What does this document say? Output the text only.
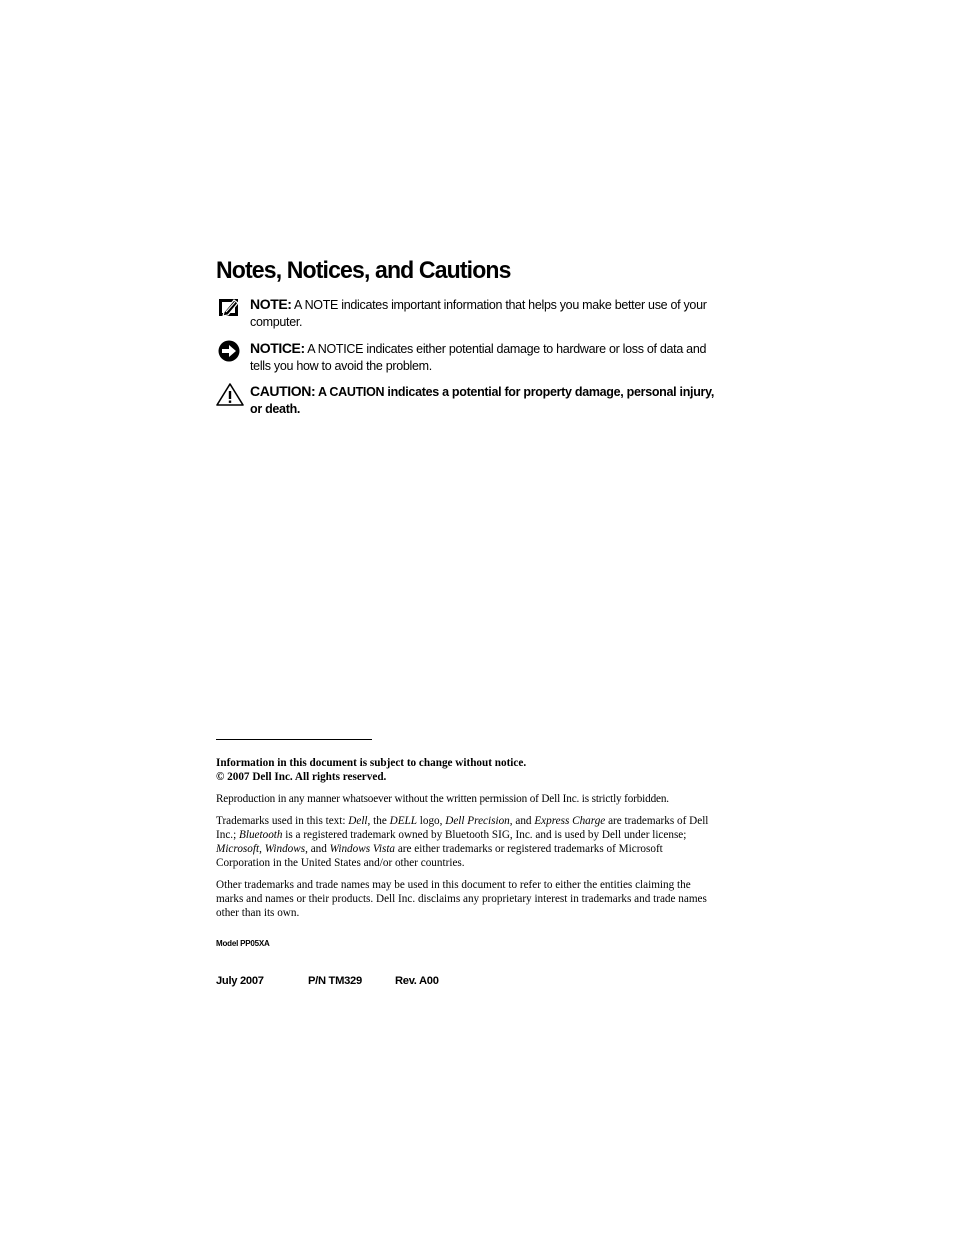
Notes, Notices, and Cautions
NOTE: A NOTE indicates important information that helps you make better use of your computer.
NOTICE: A NOTICE indicates either potential damage to hardware or loss of data and tells you how to avoid the problem.
CAUTION: A CAUTION indicates a potential for property damage, personal injury, or death.
Information in this document is subject to change without notice.
© 2007 Dell Inc. All rights reserved.
Reproduction in any manner whatsoever without the written permission of Dell Inc. is strictly forbidden.
Trademarks used in this text: Dell, the DELL logo, Dell Precision, and Express Charge are trademarks of Dell Inc.; Bluetooth is a registered trademark owned by Bluetooth SIG, Inc. and is used by Dell under license; Microsoft, Windows, and Windows Vista are either trademarks or registered trademarks of Microsoft Corporation in the United States and/or other countries.
Other trademarks and trade names may be used in this document to refer to either the entities claiming the marks and names or their products. Dell Inc. disclaims any proprietary interest in trademarks and trade names other than its own.
Model PP05XA
July 2007	P/N TM329	Rev. A00
